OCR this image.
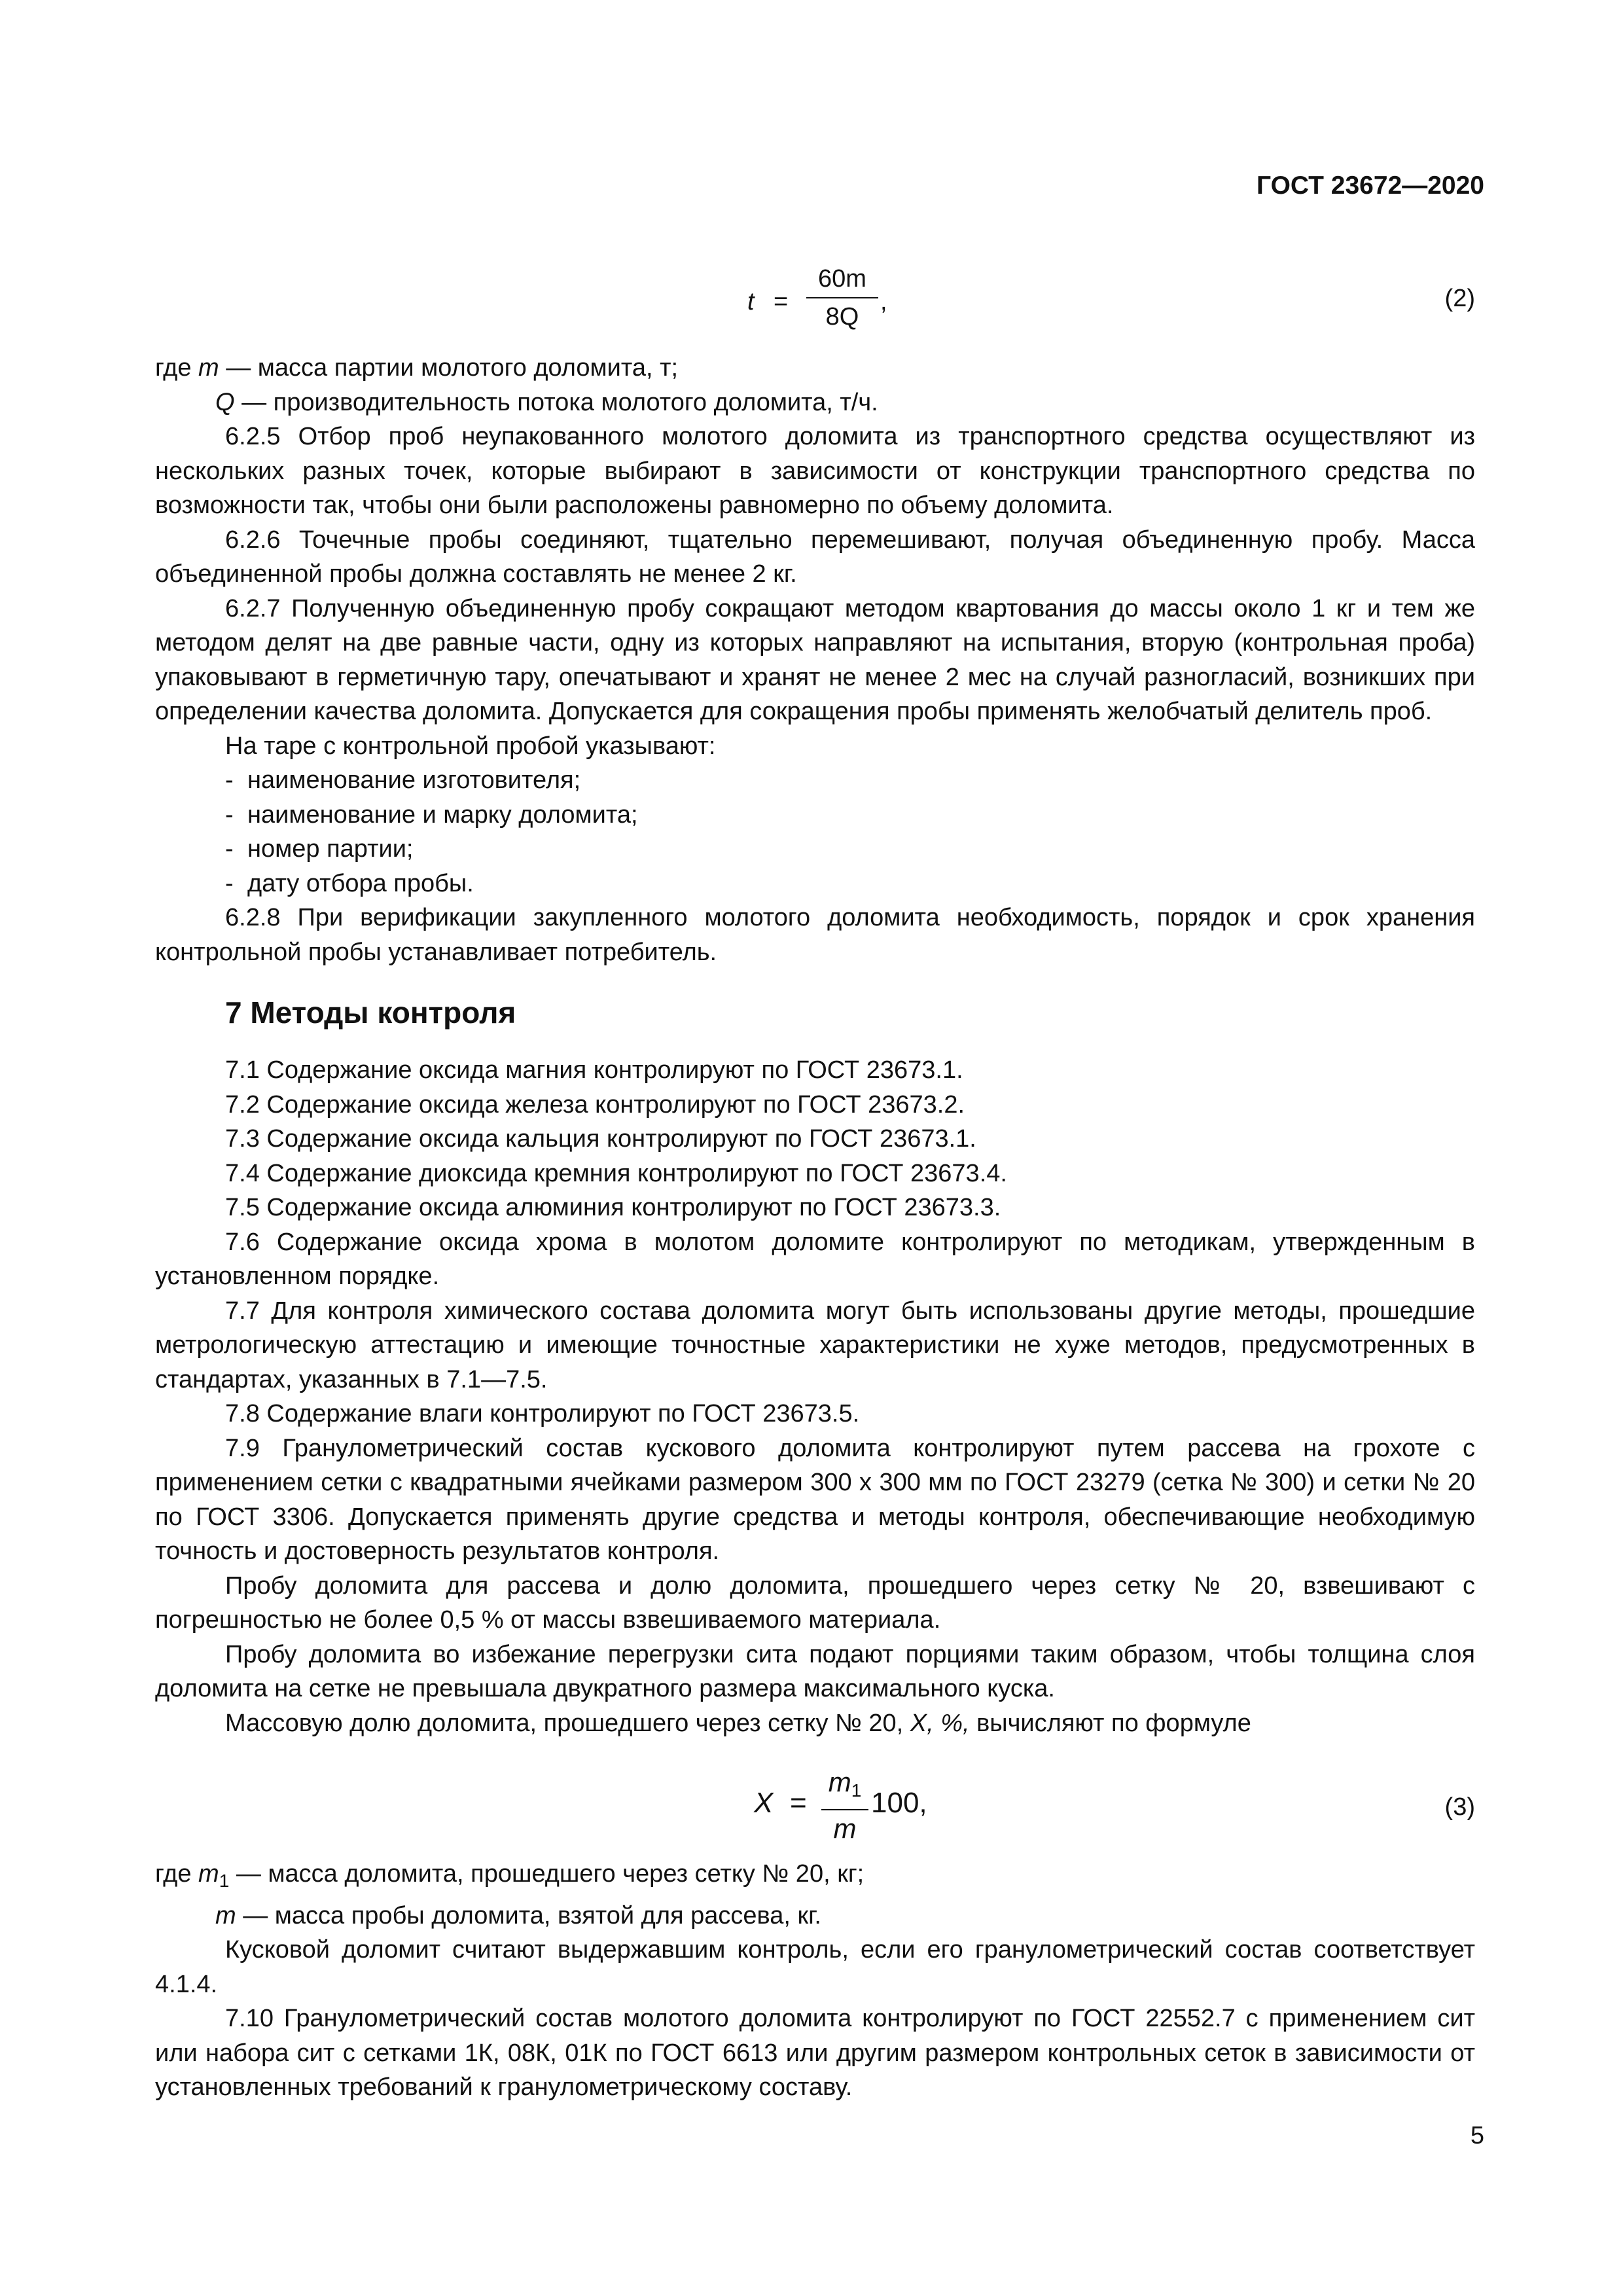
ГОСТ 23672—2020
t =
60m
8Q
,	(2)

где m — масса партии молотого доломита, т;

Q — производительность потока молотого доломита, т/ч.

6.2.5 Отбор проб неупакованного молотого доломита из транспортного средства осуществляют из нескольких разных точек, которые выбирают в зависимости от конструкции транспортного средства по возможности так, чтобы они были расположены равномерно по объему доломита.

6.2.6 Точечные пробы соединяют, тщательно перемешивают, получая объединенную пробу. Масса объединенной пробы должна составлять не менее 2 кг.

6.2.7 Полученную объединенную пробу сокращают методом квартования до массы около 1 кг и тем же методом делят на две равные части, одну из которых направляют на испытания, вторую (контрольная проба) упаковывают в герметичную тару, опечатывают и хранят не менее 2 мес на случай разногласий, возникших при определении качества доломита. Допускается для сокращения пробы применять желобчатый делитель проб.

На таре с контрольной пробой указывают:

- наименование изготовителя;

- наименование и марку доломита;

- номер партии;

- дату отбора пробы.

6.2.8 При верификации закупленного молотого доломита необходимость, порядок и срок хранения контрольной пробы устанавливает потребитель.

7 Методы контроля

7.1 Содержание оксида магния контролируют по ГОСТ 23673.1.

7.2 Содержание оксида железа контролируют по ГОСТ 23673.2.

7.3 Содержание оксида кальция контролируют по ГОСТ 23673.1.

7.4 Содержание диоксида кремния контролируют по ГОСТ 23673.4.

7.5 Содержание оксида алюминия контролируют по ГОСТ 23673.3.

7.6 Содержание оксида хрома в молотом доломите контролируют по методикам, утвержденным в установленном порядке.

7.7 Для контроля химического состава доломита могут быть использованы другие методы, прошедшие метрологическую аттестацию и имеющие точностные характеристики не хуже методов, предусмотренных в стандартах, указанных в 7.1—7.5.

7.8 Содержание влаги контролируют по ГОСТ 23673.5.

7.9 Гранулометрический состав кускового доломита контролируют путем рассева на грохоте с применением сетки с квадратными ячейками размером 300 х 300 мм по ГОСТ 23279 (сетка № 300) и сетки № 20 по ГОСТ 3306. Допускается применять другие средства и методы контроля, обеспечивающие необходимую точность и достоверность результатов контроля.

Пробу доломита для рассева и долю доломита, прошедшего через сетку № 20, взвешивают с погрешностью не более 0,5 % от массы взвешиваемого материала.

Пробу доломита во избежание перегрузки сита подают порциями таким образом, чтобы толщина слоя доломита на сетке не превышала двукратного размера максимального куска.

Массовую долю доломита, прошедшего через сетку № 20, X, %, вычисляют по формуле

X =
$m_1$
m
100,	(3)

где $m_1$ — масса доломита, прошедшего через сетку № 20, кг;

m — масса пробы доломита, взятой для рассева, кг.

Кусковой доломит считают выдержавшим контроль, если его гранулометрический состав соответствует 4.1.4.

7.10 Гранулометрический состав молотого доломита контролируют по ГОСТ 22552.7 с применением сит или набора сит с сетками 1К, 08К, 01К по ГОСТ 6613 или другим размером контрольных сеток в зависимости от установленных требований к гранулометрическому составу.

5
